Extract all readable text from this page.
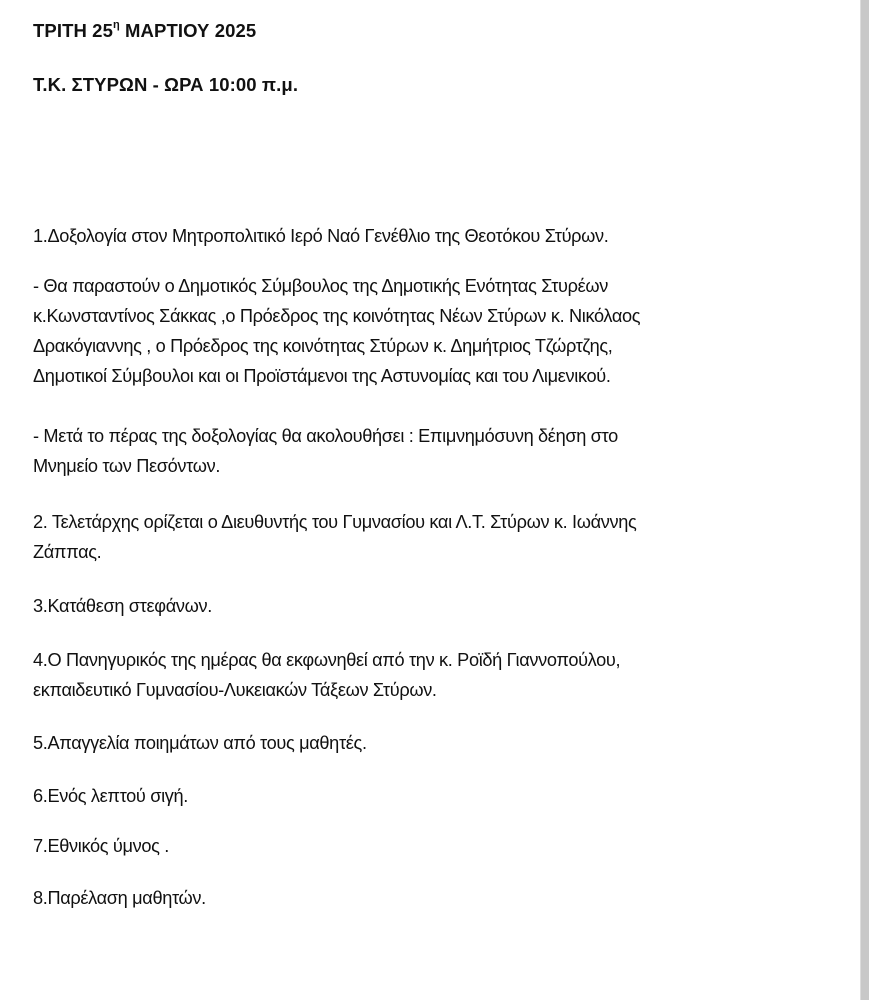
ΤΡΙΤΗ $25^\eta$ ΜΑΡΤΙΟΥ 2025
Τ.Κ. ΣΤΥΡΩΝ - ΩΡΑ 10:00 π.μ.
1.Δοξολογία στον Μητροπολιτικό Ιερό Ναό Γενέθλιο της Θεοτόκου Στύρων.
- Θα παραστούν ο Δημοτικός Σύμβουλος της Δημοτικής Ενότητας Στυρέων
κ.Κωνσταντίνος Σάκκας ,ο Πρόεδρος της κοινότητας Νέων Στύρων κ. Νικόλαος
Δρακόγιαννης , ο Πρόεδρος της κοινότητας Στύρων κ. Δημήτριος Τζώρτζης,
Δημοτικοί Σύμβουλοι και οι Προϊστάμενοι της Αστυνομίας και του Λιμενικού.
- Μετά το πέρας της δοξολογίας θα ακολουθήσει : Επιμνημόσυνη δέηση στο
Μνημείο των Πεσόντων.
2. Τελετάρχης ορίζεται ο Διευθυντής του Γυμνασίου και Λ.Τ. Στύρων κ. Ιωάννης
Ζάππας.
3.Κατάθεση στεφάνων.
4.Ο Πανηγυρικός της ημέρας θα εκφωνηθεί από την κ. Ροϊδή Γιαννοπούλου,
εκπαιδευτικό Γυμνασίου-Λυκειακών Τάξεων Στύρων.
5.Απαγγελία ποιημάτων από τους μαθητές.
6.Ενός λεπτού σιγή.
7.Εθνικός ύμνος .
8.Παρέλαση μαθητών.
